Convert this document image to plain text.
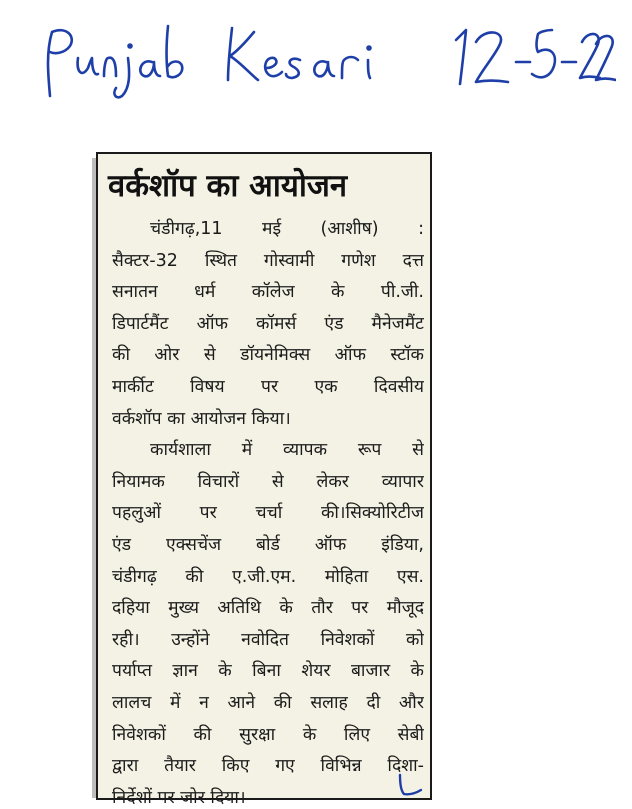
वर्कशॉप का आयोजन
चंडीगढ़,11 मई (आशीष) :
सैक्टर-32 स्थित गोस्वामी गणेश दत्त
सनातन धर्म कॉलेज के पी.जी.
डिपार्टमैंट ऑफ कॉमर्स एंड मैनेजमैंट
की ओर से डॉयनेमिक्स ऑफ स्टॉक
मार्कीट विषय पर एक दिवसीय
वर्कशॉप का आयोजन किया।
कार्यशाला में व्यापक रूप से
नियामक विचारों से लेकर व्यापार
पहलुओं पर चर्चा की।सिक्योरिटीज
एंड एक्सचेंज बोर्ड ऑफ इंडिया,
चंडीगढ़ की ए.जी.एम. मोहिता एस.
दहिया मुख्य अतिथि के तौर पर मौजूद
रही। उन्होंने नवोदित निवेशकों को
पर्याप्त ज्ञान के बिना शेयर बाजार के
लालच में न आने की सलाह दी और
निवेशकों की सुरक्षा के लिए सेबी
द्वारा तैयार किए गए विभिन्न दिशा-
निर्देशों पर जोर दिया।
